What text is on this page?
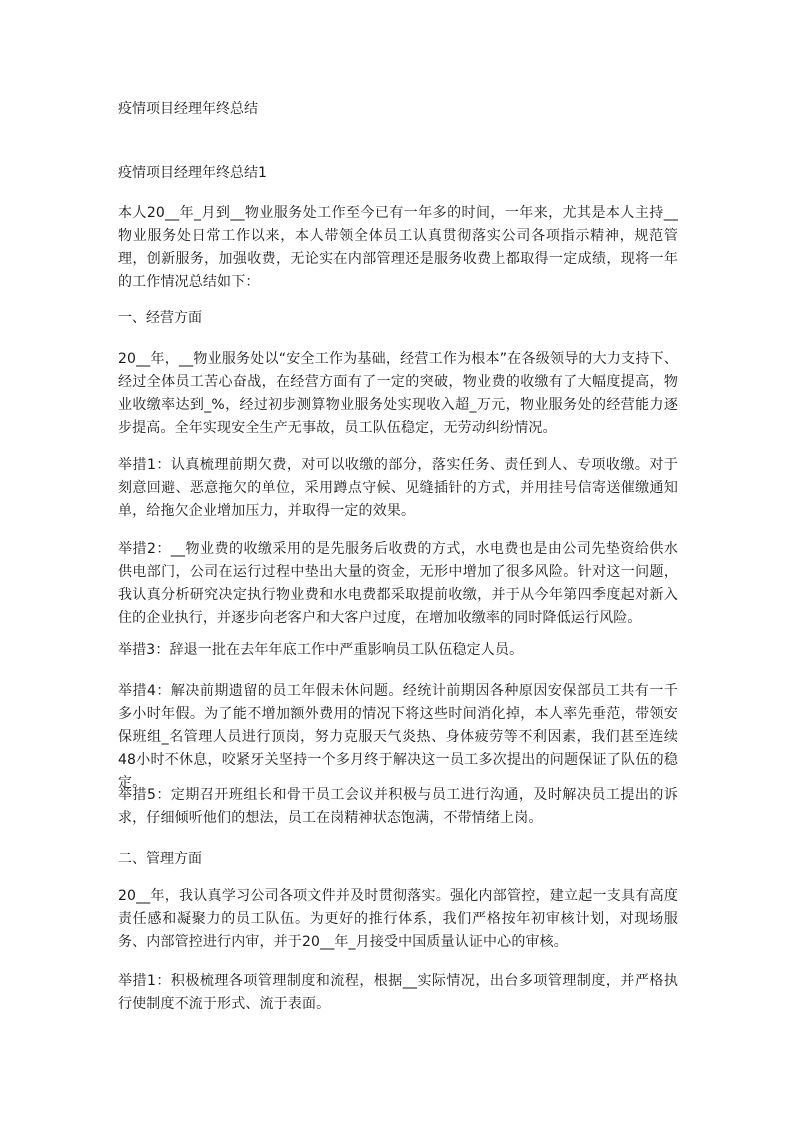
疫情项目经理年终总结

疫情项目经理年终总结1

本人20__年_月到__物业服务处工作至今已有一年多的时间，一年来，尤其是本人主持__物业服务处日常工作以来，本人带领全体员工认真贯彻落实公司各项指示精神，规范管理，创新服务，加强收费，无论实在内部管理还是服务收费上都取得一定成绩，现将一年的工作情况总结如下：

一、经营方面

20__年，__物业服务处以“安全工作为基础，经营工作为根本”在各级领导的大力支持下、经过全体员工苦心奋战，在经营方面有了一定的突破，物业费的收缴有了大幅度提高，物业收缴率达到_%，经过初步测算物业服务处实现收入超_万元，物业服务处的经营能力逐步提高。全年实现安全生产无事故，员工队伍稳定，无劳动纠纷情况。

举措1：认真梳理前期欠费，对可以收缴的部分，落实任务、责任到人、专项收缴。对于刻意回避、恶意拖欠的单位，采用蹲点守候、见缝插针的方式，并用挂号信寄送催缴通知单，给拖欠企业增加压力，并取得一定的效果。

举措2：__物业费的收缴采用的是先服务后收费的方式，水电费也是由公司先垫资给供水供电部门，公司在运行过程中垫出大量的资金，无形中增加了很多风险。针对这一问题，我认真分析研究决定执行物业费和水电费都采取提前收缴，并于从今年第四季度起对新入住的企业执行，并逐步向老客户和大客户过度，在增加收缴率的同时降低运行风险。

举措3：辞退一批在去年年底工作中严重影响员工队伍稳定人员。

举措4：解决前期遗留的员工年假未休问题。经统计前期因各种原因安保部员工共有一千多小时年假。为了能不增加额外费用的情况下将这些时间消化掉，本人率先垂范，带领安保班组_名管理人员进行顶岗，努力克服天气炎热、身体疲劳等不利因素，我们甚至连续48小时不休息，咬紧牙关坚持一个多月终于解决这一员工多次提出的问题保证了队伍的稳定。

举措5：定期召开班组长和骨干员工会议并积极与员工进行沟通，及时解决员工提出的诉求，仔细倾听他们的想法，员工在岗精神状态饱满，不带情绪上岗。

二、管理方面

20__年，我认真学习公司各项文件并及时贯彻落实。强化内部管控，建立起一支具有高度责任感和凝聚力的员工队伍。为更好的推行体系，我们严格按年初审核计划，对现场服务、内部管控进行内审，并于20__年_月接受中国质量认证中心的审核。

举措1：积极梳理各项管理制度和流程，根据__实际情况，出台多项管理制度，并严格执行使制度不流于形式、流于表面。
